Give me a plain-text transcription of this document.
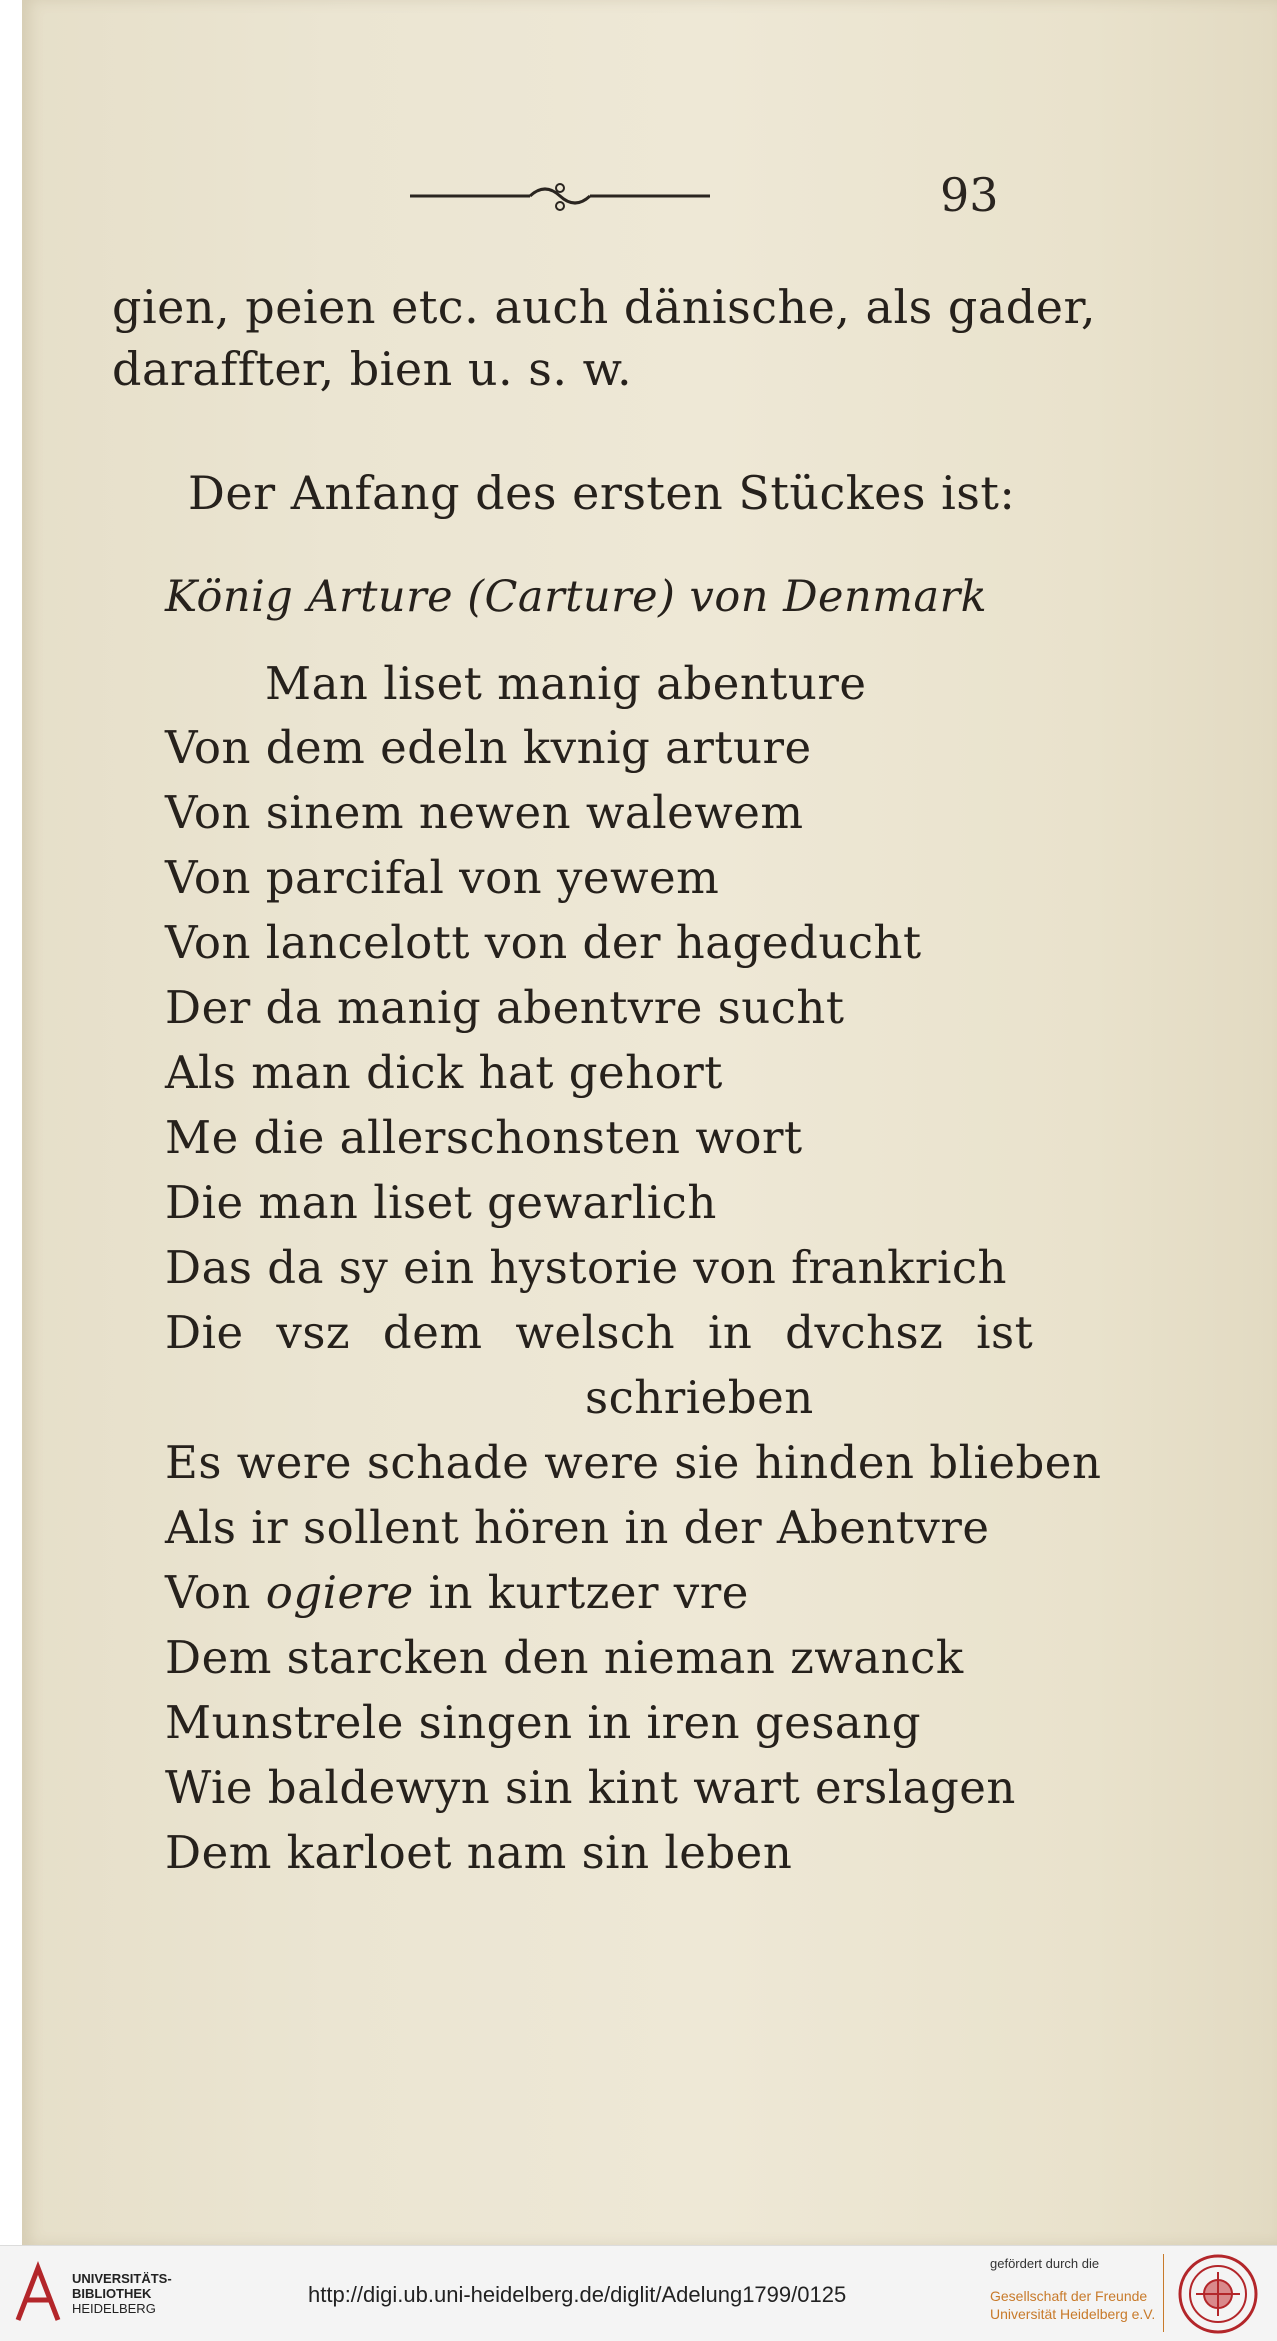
93
gien, peien etc. auch dänische, als gader,
daraffter, bien u. s. w.
Der Anfang des ersten Stückes ist:
König Arture (Carture) von Denmark
Man liset manig abenture
Von dem edeln kvnig arture
Von sinem newen walewem
Von parcifal von yewem
Von lancelott von der hageducht
Der da manig abentvre sucht
Als man dick hat gehort
Me die allerschonsten wort
Die man liset gewarlich
Das da sy ein hystorie von frankrich
Die vsz dem welsch in dvchsz ist
schrieben
Es were schade were sie hinden blieben
Als ir sollent hören in der Abentvre
Von ogiere in kurtzer vre
Dem starcken den nieman zwanck
Munstrele singen in iren gesang
Wie baldewyn sin kint wart erslagen
Dem karloet nam sin leben
UNIVERSITÄTS-
BIBLIOTHEK
HEIDELBERG
http://digi.ub.uni-heidelberg.de/diglit/Adelung1799/0125
gefördert durch die
Gesellschaft der Freunde
Universität Heidelberg e.V.
